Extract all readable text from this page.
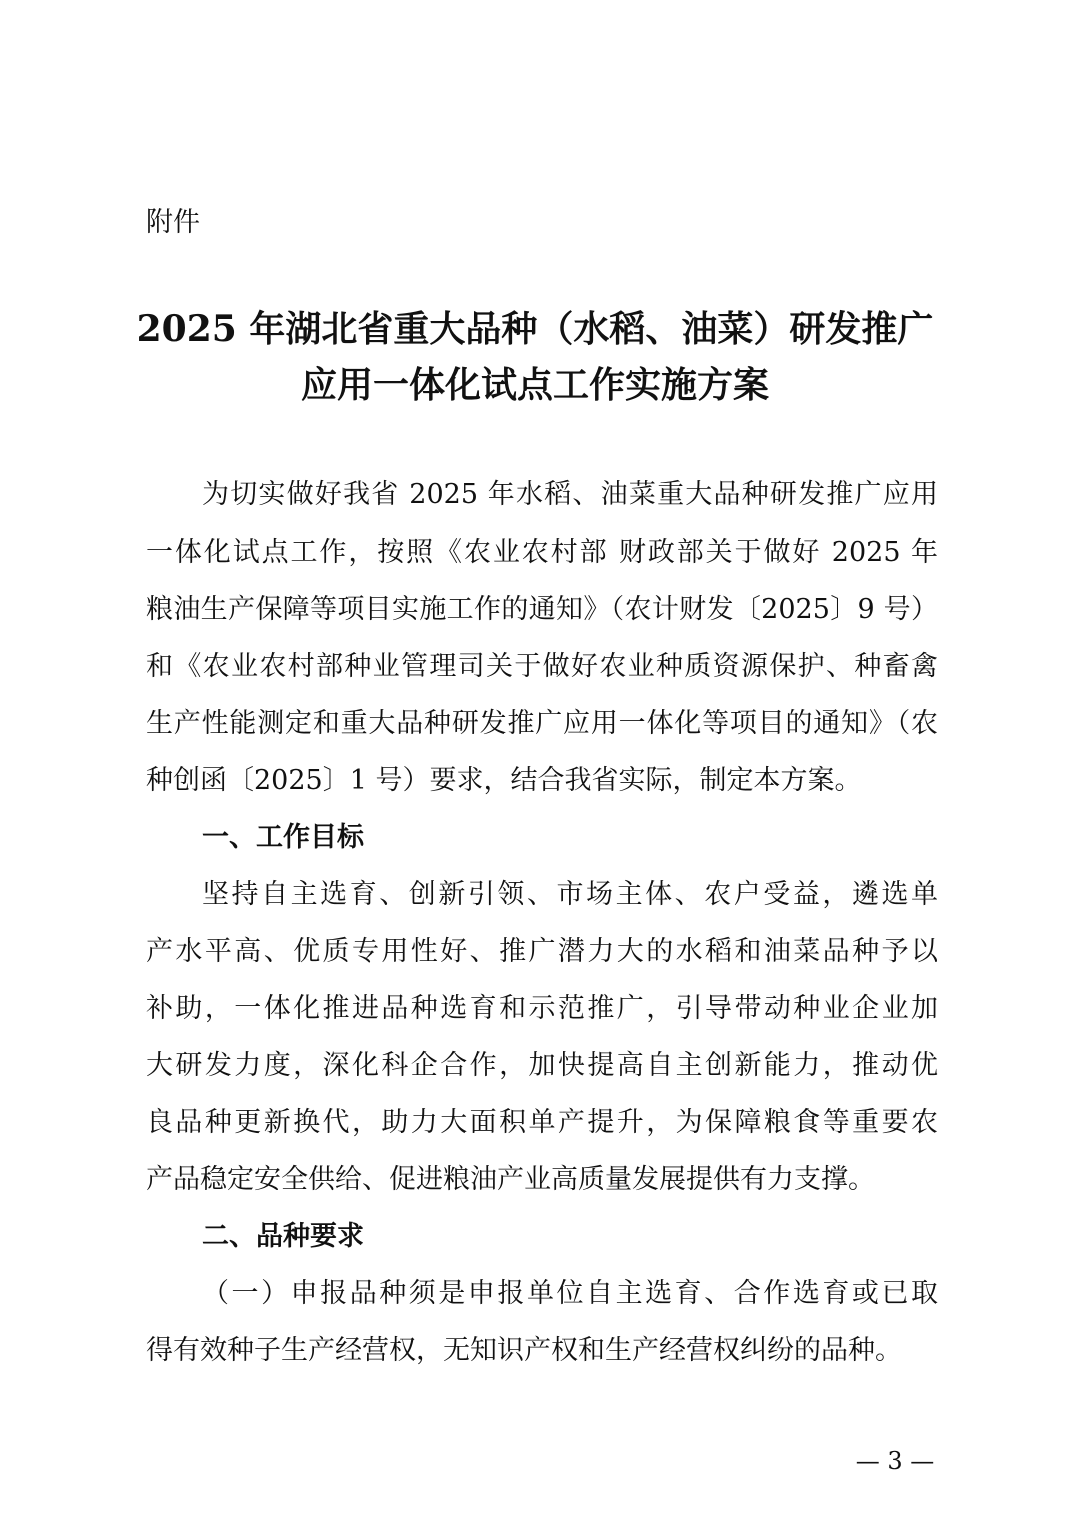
附件
2025 年湖北省重大品种（水稻、油菜）研发推广
应用一体化试点工作实施方案
为切实做好我省 2025 年水稻、油菜重大品种研发推广应用
一体化试点工作，按照《农业农村部 财政部关于做好 2025 年
粮油生产保障等项目实施工作的通知》（农计财发〔2025〕9 号）
和《农业农村部种业管理司关于做好农业种质资源保护、种畜禽
生产性能测定和重大品种研发推广应用一体化等项目的通知》（农
种创函〔2025〕1 号）要求，结合我省实际，制定本方案。
一、工作目标
坚持自主选育、创新引领、市场主体、农户受益，遴选单
产水平高、优质专用性好、推广潜力大的水稻和油菜品种予以
补助，一体化推进品种选育和示范推广，引导带动种业企业加
大研发力度，深化科企合作，加快提高自主创新能力，推动优
良品种更新换代，助力大面积单产提升，为保障粮食等重要农
产品稳定安全供给、促进粮油产业高质量发展提供有力支撑。
二、品种要求
（一）申报品种须是申报单位自主选育、合作选育或已取
得有效种子生产经营权，无知识产权和生产经营权纠纷的品种。
— 3 —
